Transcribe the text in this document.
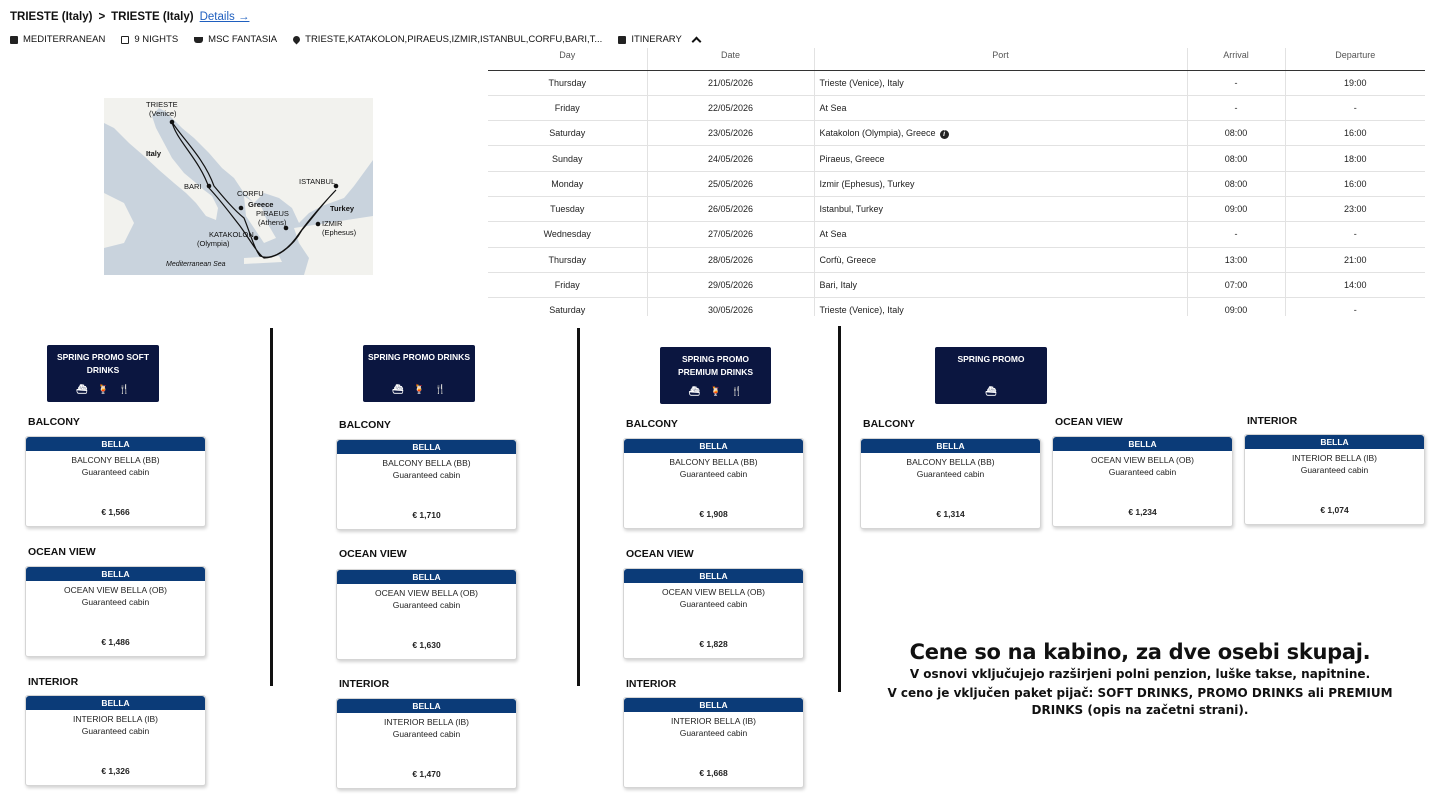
TRIESTE (Italy) > TRIESTE (Italy) Details →
MEDITERRANEAN	9 NIGHTS	MSC FANTASIA	TRIESTE,KATAKOLON,PIRAEUS,IZMIR,ISTANBUL,CORFU,BARI,T...	ITINERARY
TRIESTE
(Venice)
Italy
BARI
CORFU
Greece
PIRAEUS
(Athens)
ISTANBUL
Turkey
IZMIR
(Ephesus)
KATAKOLON
(Olympia)
Mediterranean Sea
Day	Date	Port	Arrival	Departure
Thursday	21/05/2026	Trieste (Venice), Italy	-	19:00
Friday	22/05/2026	At Sea	-	-
Saturday	23/05/2026	Katakolon (Olympia), Greece i	08:00	16:00
Sunday	24/05/2026	Piraeus, Greece	08:00	18:00
Monday	25/05/2026	Izmir (Ephesus), Turkey	08:00	16:00
Tuesday	26/05/2026	Istanbul, Turkey	09:00	23:00
Wednesday	27/05/2026	At Sea	-	-
Thursday	28/05/2026	Corfù, Greece	13:00	21:00
Friday	29/05/2026	Bari, Italy	07:00	14:00
Saturday	30/05/2026	Trieste (Venice), Italy	09:00	-
SPRING PROMO SOFT DRINKS
⛴ 🍹 🍴
BALCONY
BELLA
BALCONY BELLA (BB)
Guaranteed cabin
€ 1,566
OCEAN VIEW
BELLA
OCEAN VIEW BELLA (OB)
Guaranteed cabin
€ 1,486
INTERIOR
BELLA
INTERIOR BELLA (IB)
Guaranteed cabin
€ 1,326
SPRING PROMO DRINKS
⛴ 🍹 🍴
BALCONY
BELLA
BALCONY BELLA (BB)
Guaranteed cabin
€ 1,710
OCEAN VIEW
BELLA
OCEAN VIEW BELLA (OB)
Guaranteed cabin
€ 1,630
INTERIOR
BELLA
INTERIOR BELLA (IB)
Guaranteed cabin
€ 1,470
SPRING PROMO PREMIUM DRINKS
⛴ 🍹 🍴
BALCONY
BELLA
BALCONY BELLA (BB)
Guaranteed cabin
€ 1,908
OCEAN VIEW
BELLA
OCEAN VIEW BELLA (OB)
Guaranteed cabin
€ 1,828
INTERIOR
BELLA
INTERIOR BELLA (IB)
Guaranteed cabin
€ 1,668
SPRING PROMO
⛴
BALCONY
BELLA
BALCONY BELLA (BB)
Guaranteed cabin
€ 1,314
OCEAN VIEW
BELLA
OCEAN VIEW BELLA (OB)
Guaranteed cabin
€ 1,234
INTERIOR
BELLA
INTERIOR BELLA (IB)
Guaranteed cabin
€ 1,074
Cene so na kabino, za dve osebi skupaj.
V osnovi vključujejo razširjeni polni penzion, luške takse, napitnine.
V ceno je vključen paket pijač: SOFT DRINKS, PROMO DRINKS ali PREMIUM DRINKS (opis na začetni strani).
